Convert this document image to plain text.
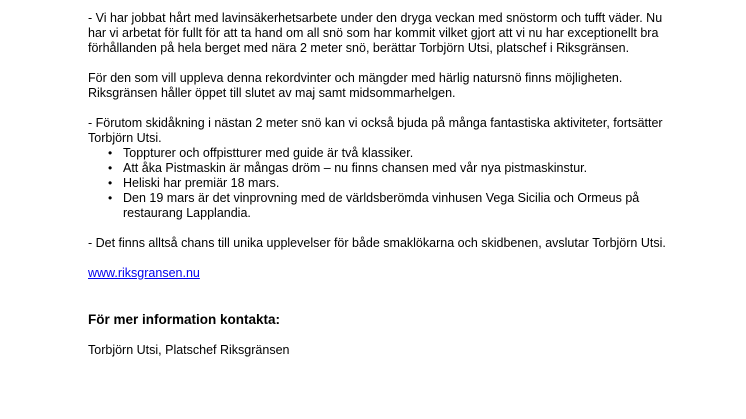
- Vi har jobbat hårt med lavinsäkerhetsarbete under den dryga veckan med snöstorm och tufft väder. Nu har vi arbetat för fullt för att ta hand om all snö som har kommit vilket gjort att vi nu har exceptionellt bra förhållanden på hela berget med nära 2 meter snö, berättar Torbjörn Utsi, platschef i Riksgränsen.

För den som vill uppleva denna rekordvinter och mängder med härlig natursnö finns möjligheten. Riksgränsen håller öppet till slutet av maj samt midsommarhelgen.

- Förutom skidåkning i nästan 2 meter snö kan vi också bjuda på många fantastiska aktiviteter, fortsätter Torbjörn Utsi.

• Toppturer och offpistturer med guide är två klassiker.
• Att åka Pistmaskin är mångas dröm – nu finns chansen med vår nya pistmaskinstur.
• Heliski har premiär 18 mars.
• Den 19 mars är det vinprovning med de världsberömda vinhusen Vega Sicilia och Ormeus på restaurang Lapplandia.

- Det finns alltså chans till unika upplevelser för både smaklökarna och skidbenen, avslutar Torbjörn Utsi.

www.riksgransen.nu

För mer information kontakta:

Torbjörn Utsi, Platschef Riksgränsen
